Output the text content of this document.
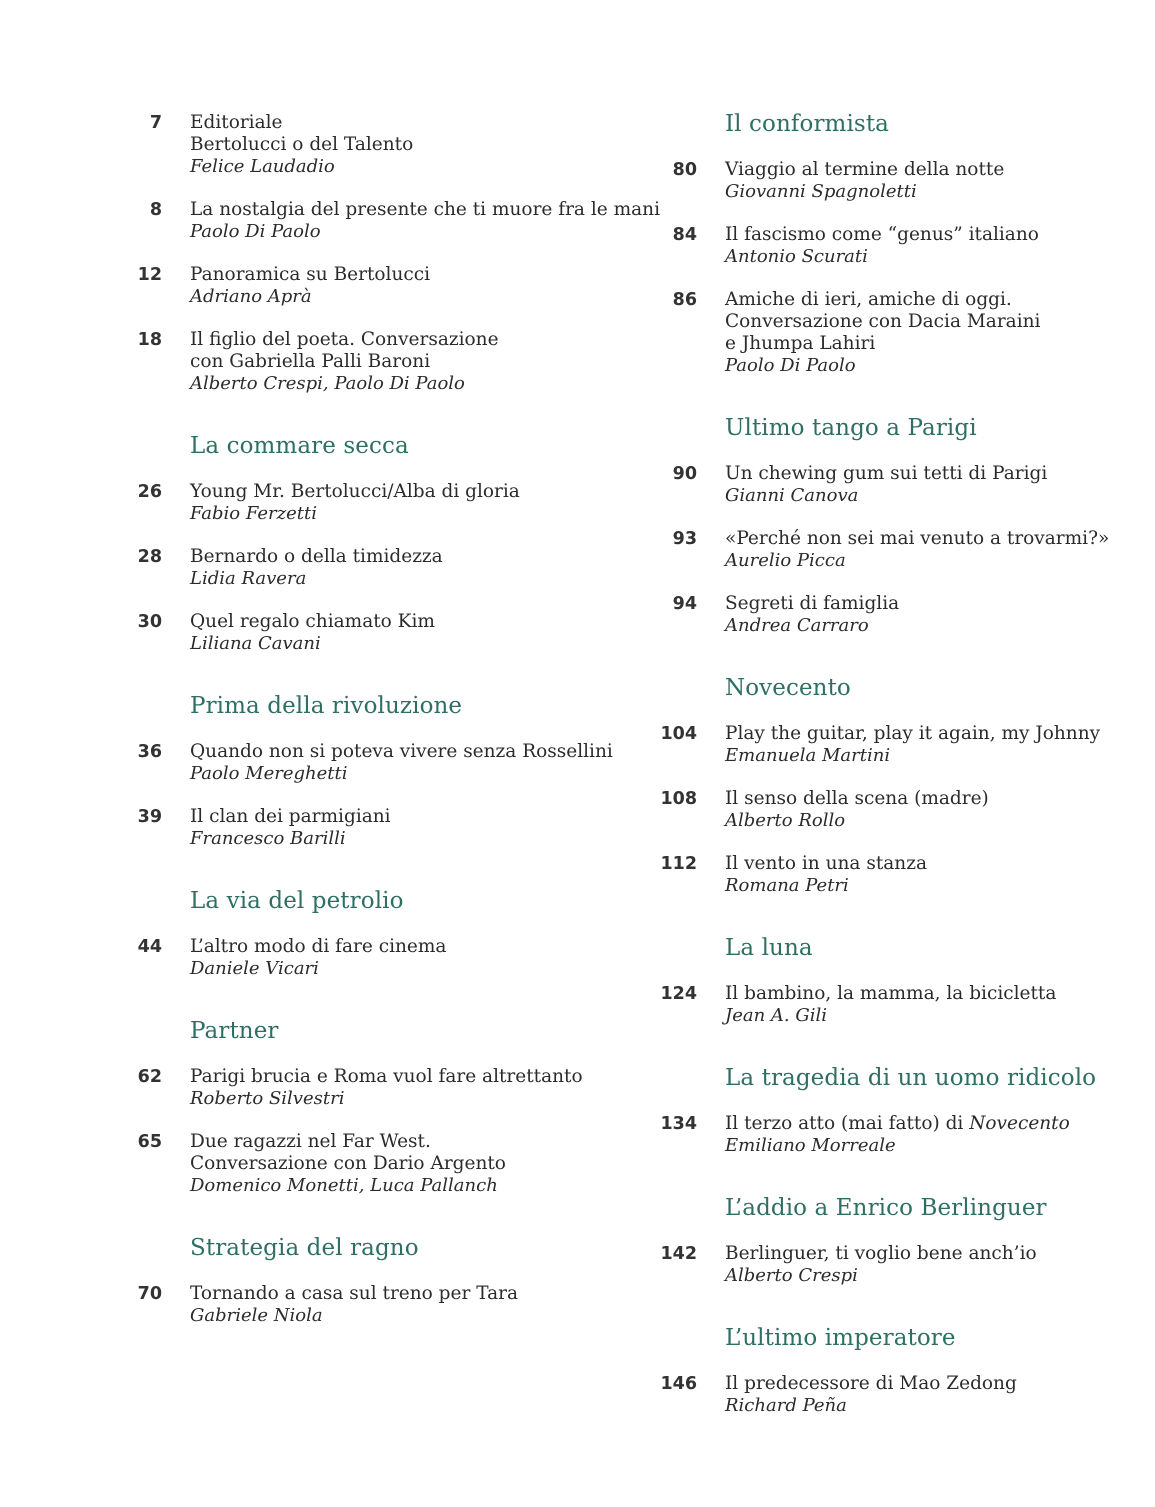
7 Editoriale
Bertolucci o del Talento
Felice Laudadio
8 La nostalgia del presente che ti muore fra le mani
Paolo Di Paolo
12 Panoramica su Bertolucci
Adriano Aprà
18 Il figlio del poeta. Conversazione
con Gabriella Palli Baroni
Alberto Crespi, Paolo Di Paolo
La commare secca
26 Young Mr. Bertolucci/Alba di gloria
Fabio Ferzetti
28 Bernardo o della timidezza
Lidia Ravera
30 Quel regalo chiamato Kim
Liliana Cavani
Prima della rivoluzione
36 Quando non si poteva vivere senza Rossellini
Paolo Mereghetti
39 Il clan dei parmigiani
Francesco Barilli
La via del petrolio
44 L’altro modo di fare cinema
Daniele Vicari
Partner
62 Parigi brucia e Roma vuol fare altrettanto
Roberto Silvestri
65 Due ragazzi nel Far West.
Conversazione con Dario Argento
Domenico Monetti, Luca Pallanch
Strategia del ragno
70 Tornando a casa sul treno per Tara
Gabriele Niola
Il conformista
80 Viaggio al termine della notte
Giovanni Spagnoletti
84 Il fascismo come “genus” italiano
Antonio Scurati
86 Amiche di ieri, amiche di oggi.
Conversazione con Dacia Maraini
e Jhumpa Lahiri
Paolo Di Paolo
Ultimo tango a Parigi
90 Un chewing gum sui tetti di Parigi
Gianni Canova
93 «Perché non sei mai venuto a trovarmi?»
Aurelio Picca
94 Segreti di famiglia
Andrea Carraro
Novecento
104 Play the guitar, play it again, my Johnny
Emanuela Martini
108 Il senso della scena (madre)
Alberto Rollo
112 Il vento in una stanza
Romana Petri
La luna
124 Il bambino, la mamma, la bicicletta
Jean A. Gili
La tragedia di un uomo ridicolo
134 Il terzo atto (mai fatto) di Novecento
Emiliano Morreale
L’addio a Enrico Berlinguer
142 Berlinguer, ti voglio bene anch’io
Alberto Crespi
L’ultimo imperatore
146 Il predecessore di Mao Zedong
Richard Peña
